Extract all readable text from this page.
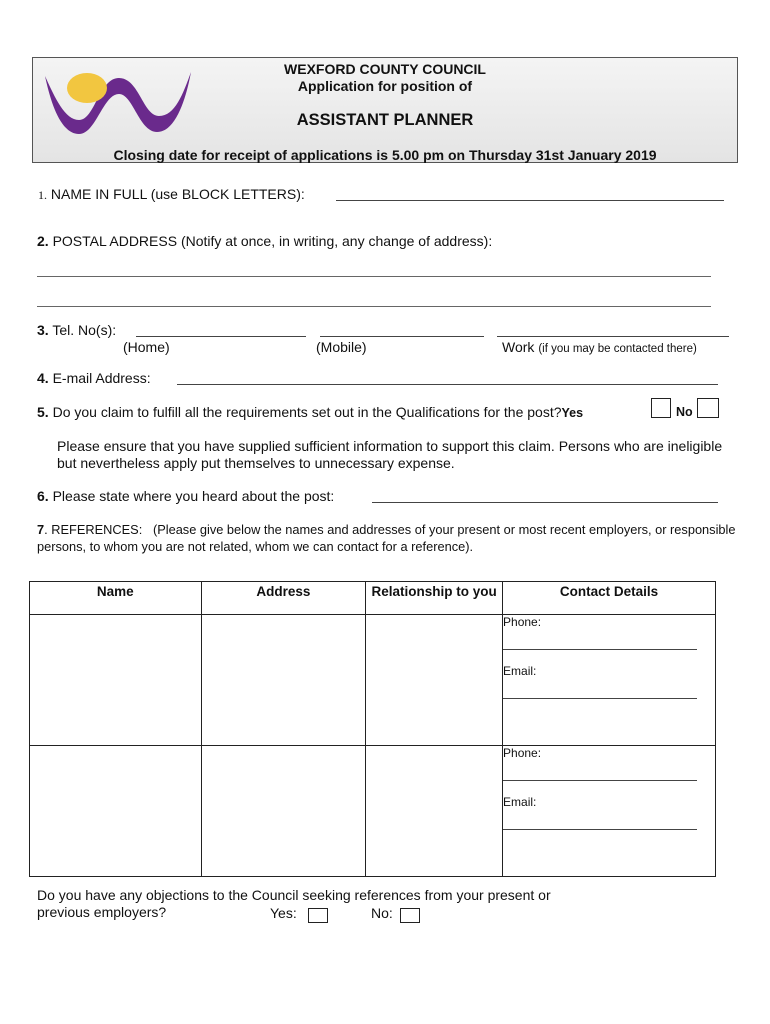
WEXFORD COUNTY COUNCIL
Application for position of
ASSISTANT PLANNER
Closing date for receipt of applications is 5.00 pm on Thursday 31st January 2019
1. NAME IN FULL (use BLOCK LETTERS):
2. POSTAL ADDRESS (Notify at once, in writing, any change of address):
3. Tel. No(s):
(Home)	(Mobile)	Work (if you may be contacted there)
4. E-mail Address:
5. Do you claim to fulfill all the requirements set out in the Qualifications for the post?Yes	No
Please ensure that you have supplied sufficient information to support this claim. Persons who are ineligible but nevertheless apply put themselves to unnecessary expense.
6. Please state where you heard about the post:
7. REFERENCES: (Please give below the names and addresses of your present or most recent employers, or responsible persons, to whom you are not related, whom we can contact for a reference).
Name	Address	Relationship to you	Contact Details

			Phone:
Email:

			Phone:
Email:
Do you have any objections to the Council seeking references from your present or previous employers?	Yes:	No:
